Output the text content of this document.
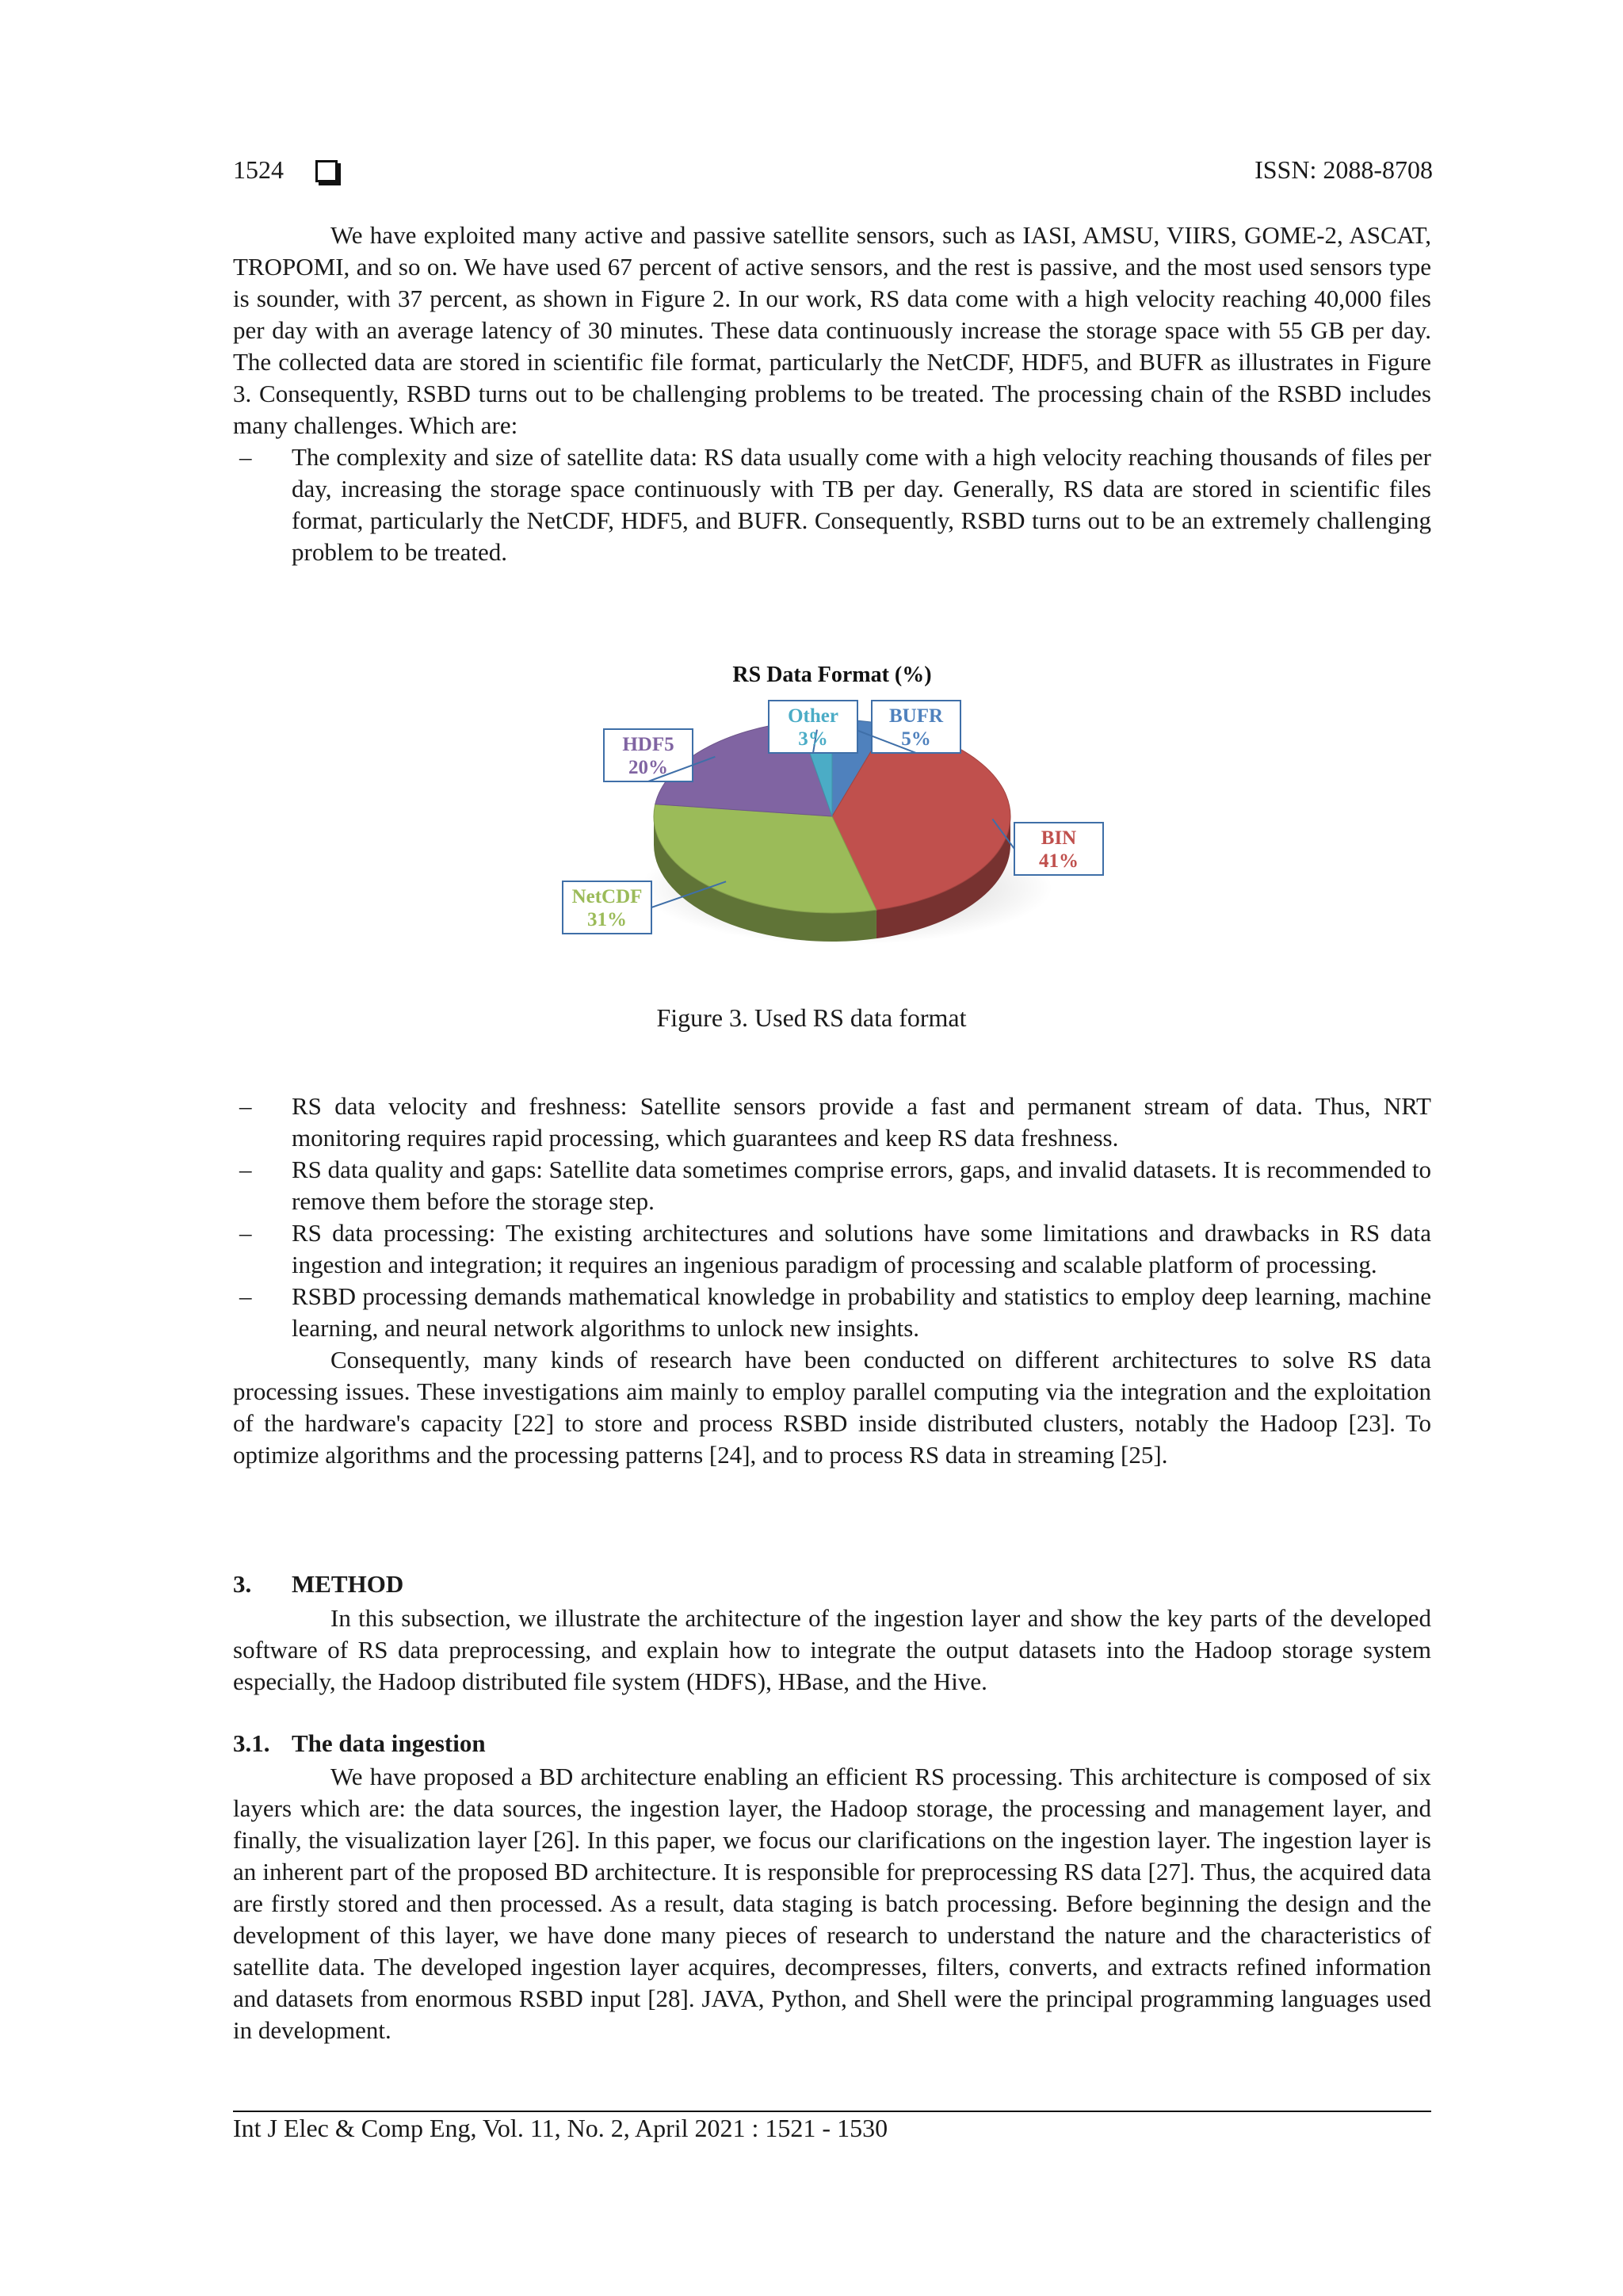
1524	ISSN: 2088-8708

We have exploited many active and passive satellite sensors, such as IASI, AMSU, VIIRS, GOME-2, ASCAT, TROPOMI, and so on. We have used 67 percent of active sensors, and the rest is passive, and the most used sensors type is sounder, with 37 percent, as shown in Figure 2. In our work, RS data come with a high velocity reaching 40,000 files per day with an average latency of 30 minutes. These data continuously increase the storage space with 55 GB per day. The collected data are stored in scientific file format, particularly the NetCDF, HDF5, and BUFR as illustrates in Figure 3. Consequently, RSBD turns out to be challenging problems to be treated. The processing chain of the RSBD includes many challenges. Which are:

– The complexity and size of satellite data: RS data usually come with a high velocity reaching thousands of files per day, increasing the storage space continuously with TB per day. Generally, RS data are stored in scientific files format, particularly the NetCDF, HDF5, and BUFR. Consequently, RSBD turns out to be an extremely challenging problem to be treated.
RS Data Format (%)
BUFR
5%
BIN
41%
NetCDF
31%
HDF5
20%
Other
3%
Figure 3. Used RS data format
– RS data velocity and freshness: Satellite sensors provide a fast and permanent stream of data. Thus, NRT monitoring requires rapid processing, which guarantees and keep RS data freshness.
– RS data quality and gaps: Satellite data sometimes comprise errors, gaps, and invalid datasets. It is recommended to remove them before the storage step.
– RS data processing: The existing architectures and solutions have some limitations and drawbacks in RS data ingestion and integration; it requires an ingenious paradigm of processing and scalable platform of processing.
– RSBD processing demands mathematical knowledge in probability and statistics to employ deep learning, machine learning, and neural network algorithms to unlock new insights.

Consequently, many kinds of research have been conducted on different architectures to solve RS data processing issues. These investigations aim mainly to employ parallel computing via the integration and the exploitation of the hardware's capacity [22] to store and process RSBD inside distributed clusters, notably the Hadoop [23]. To optimize algorithms and the processing patterns [24], and to process RS data in streaming [25].

3. METHOD

In this subsection, we illustrate the architecture of the ingestion layer and show the key parts of the developed software of RS data preprocessing, and explain how to integrate the output datasets into the Hadoop storage system especially, the Hadoop distributed file system (HDFS), HBase, and the Hive.

3.1. The data ingestion

We have proposed a BD architecture enabling an efficient RS processing. This architecture is composed of six layers which are: the data sources, the ingestion layer, the Hadoop storage, the processing and management layer, and finally, the visualization layer [26]. In this paper, we focus our clarifications on the ingestion layer. The ingestion layer is an inherent part of the proposed BD architecture. It is responsible for preprocessing RS data [27]. Thus, the acquired data are firstly stored and then processed. As a result, data staging is batch processing. Before beginning the design and the development of this layer, we have done many pieces of research to understand the nature and the characteristics of satellite data. The developed ingestion layer acquires, decompresses, filters, converts, and extracts refined information and datasets from enormous RSBD input [28]. JAVA, Python, and Shell were the principal programming languages used in development.

Int J Elec & Comp Eng, Vol. 11, No. 2, April 2021 : 1521 - 1530
